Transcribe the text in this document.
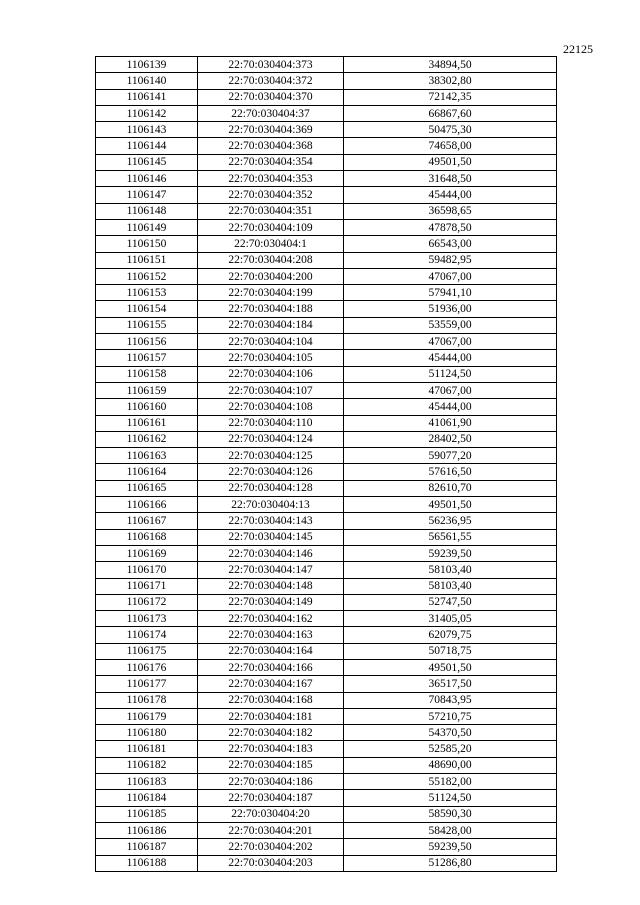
22125
1106139	22:70:030404:373	34894,50
1106140	22:70:030404:372	38302,80
1106141	22:70:030404:370	72142,35
1106142	22:70:030404:37	66867,60
1106143	22:70:030404:369	50475,30
1106144	22:70:030404:368	74658,00
1106145	22:70:030404:354	49501,50
1106146	22:70:030404:353	31648,50
1106147	22:70:030404:352	45444,00
1106148	22:70:030404:351	36598,65
1106149	22:70:030404:109	47878,50
1106150	22:70:030404:1	66543,00
1106151	22:70:030404:208	59482,95
1106152	22:70:030404:200	47067,00
1106153	22:70:030404:199	57941,10
1106154	22:70:030404:188	51936,00
1106155	22:70:030404:184	53559,00
1106156	22:70:030404:104	47067,00
1106157	22:70:030404:105	45444,00
1106158	22:70:030404:106	51124,50
1106159	22:70:030404:107	47067,00
1106160	22:70:030404:108	45444,00
1106161	22:70:030404:110	41061,90
1106162	22:70:030404:124	28402,50
1106163	22:70:030404:125	59077,20
1106164	22:70:030404:126	57616,50
1106165	22:70:030404:128	82610,70
1106166	22:70:030404:13	49501,50
1106167	22:70:030404:143	56236,95
1106168	22:70:030404:145	56561,55
1106169	22:70:030404:146	59239,50
1106170	22:70:030404:147	58103,40
1106171	22:70:030404:148	58103,40
1106172	22:70:030404:149	52747,50
1106173	22:70:030404:162	31405,05
1106174	22:70:030404:163	62079,75
1106175	22:70:030404:164	50718,75
1106176	22:70:030404:166	49501,50
1106177	22:70:030404:167	36517,50
1106178	22:70:030404:168	70843,95
1106179	22:70:030404:181	57210,75
1106180	22:70:030404:182	54370,50
1106181	22:70:030404:183	52585,20
1106182	22:70:030404:185	48690,00
1106183	22:70:030404:186	55182,00
1106184	22:70:030404:187	51124,50
1106185	22:70:030404:20	58590,30
1106186	22:70:030404:201	58428,00
1106187	22:70:030404:202	59239,50
1106188	22:70:030404:203	51286,80
